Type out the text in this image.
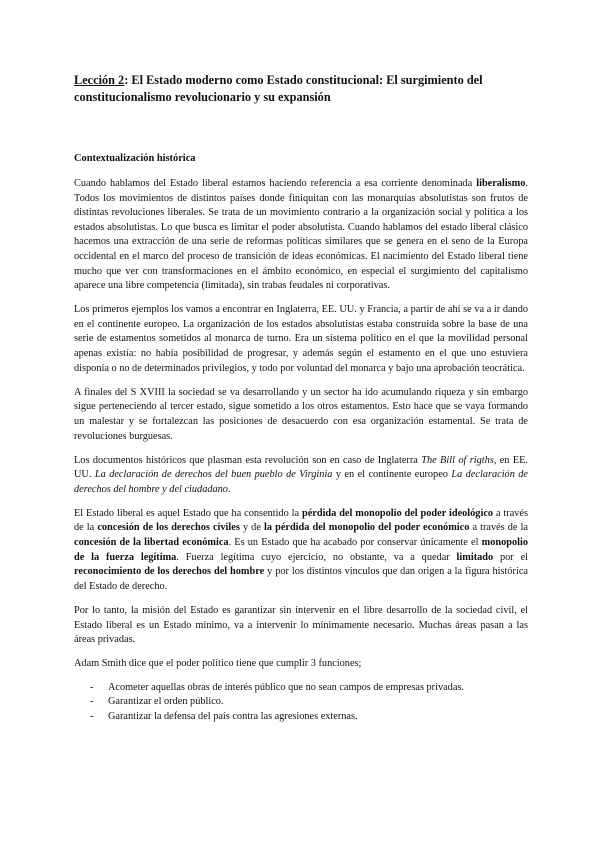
Lección 2: El Estado moderno como Estado constitucional: El surgimiento del constitucionalismo revolucionario y su expansión
Contextualización histórica

Cuando hablamos del Estado liberal estamos haciendo referencia a esa corriente denominada liberalismo. Todos los movimientos de distintos países donde finiquitan con las monarquías absolutistas son frutos de distintas revoluciones liberales. Se trata de un movimiento contrario a la organización social y política a los estados absolutistas. Lo que busca es limitar el poder absolutista. Cuando hablamos del estado liberal clásico hacemos una extracción de una serie de reformas políticas similares que se genera en el seno de la Europa occidental en el marco del proceso de transición de ideas económicas. El nacimiento del Estado liberal tiene mucho que ver con transformaciones en el ámbito económico, en especial el surgimiento del capitalismo aparece una libre competencia (limitada), sin trabas feudales ni corporativas.

Los primeros ejemplos los vamos a encontrar en Inglaterra, EE. UU. y Francia, a partir de ahí se va a ir dando en el continente europeo. La organización de los estados absolutistas estaba construida sobre la base de una serie de estamentos sometidos al monarca de turno. Era un sistema político en el que la movilidad personal apenas existía: no había posibilidad de progresar, y además según el estamento en el que uno estuviera disponía o no de determinados privilegios, y todo por voluntad del monarca y bajo una aprobación teocrática.

A finales del S XVIII la sociedad se va desarrollando y un sector ha ido acumulando riqueza y sin embargo sigue perteneciendo al tercer estado, sigue sometido a los otros estamentos. Esto hace que se vaya formando un malestar y se fortalezcan las posiciones de desacuerdo con esa organización estamental. Se trata de revoluciones burguesas.

Los documentos históricos que plasman esta revolución son en caso de Inglaterra The Bill of rigths, en EE. UU. La declaración de derechos del buen pueblo de Virginia y en el continente europeo La declaración de derechos del hombre y del ciudadano.

El Estado liberal es aquel Estado que ha consentido la pérdida del monopolio del poder ideológico a través de la concesión de los derechos civiles y de la pérdida del monopolio del poder económico a través de la concesión de la libertad económica. Es un Estado que ha acabado por conservar únicamente el monopolio de la fuerza legítima. Fuerza legítima cuyo ejercicio, no obstante, va a quedar limitado por el reconocimiento de los derechos del hombre y por los distintos vínculos que dan origen a la figura histórica del Estado de derecho.

Por lo tanto, la misión del Estado es garantizar sin intervenir en el libre desarrollo de la sociedad civil, el Estado liberal es un Estado mínimo, va a intervenir lo mínimamente necesario. Muchas áreas pasan a las áreas privadas.

Adam Smith dice que el poder político tiene que cumplir 3 funciones;

-	Acometer aquellas obras de interés público que no sean campos de empresas privadas.
-	Garantizar el orden público.
-	Garantizar la defensa del país contra las agresiones externas.
